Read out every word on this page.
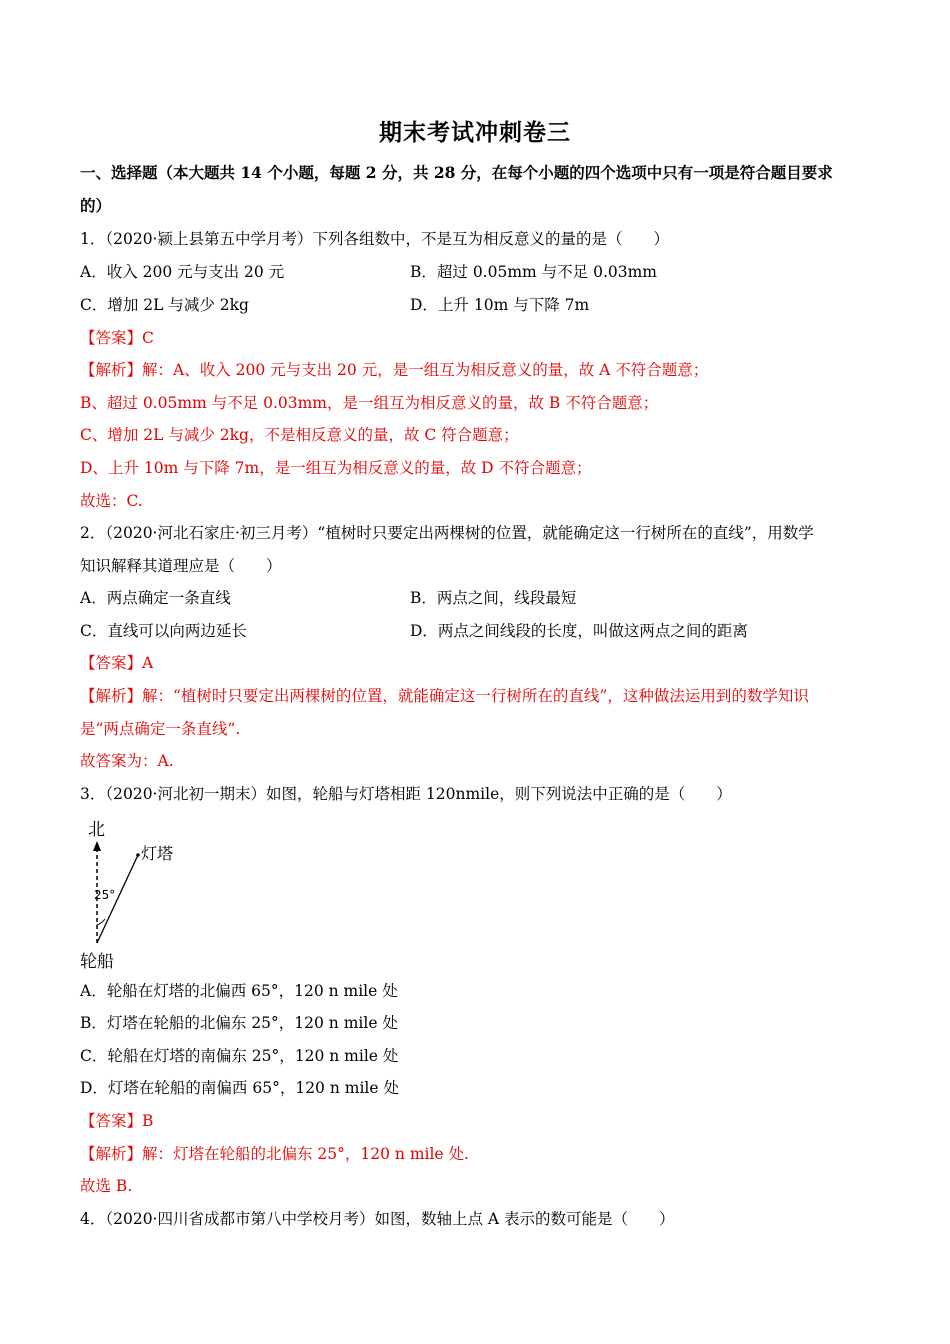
期末考试冲刺卷三
一、选择题（本大题共 14 个小题，每题 2 分，共 28 分，在每个小题的四个选项中只有一项是符合题目要求
的）
1．（2020·颍上县第五中学月考）下列各组数中，不是互为相反意义的量的是（　　）
A．收入 200 元与支出 20 元	B．超过 0.05mm 与不足 0.03mm
C．增加 2L 与减少 2kg	D．上升 10m 与下降 7m
【答案】C
【解析】解：A、收入 200 元与支出 20 元，是一组互为相反意义的量，故 A 不符合题意；
B、超过 0.05mm 与不足 0.03mm，是一组互为相反意义的量，故 B 不符合题意；
C、增加 2L 与减少 2kg，不是相反意义的量，故 C 符合题意；
D、上升 10m 与下降 7m，是一组互为相反意义的量，故 D 不符合题意；
故选：C.
2．（2020·河北石家庄·初三月考）“植树时只要定出两棵树的位置，就能确定这一行树所在的直线”，用数学
知识解释其道理应是（　　）
A．两点确定一条直线	B．两点之间，线段最短
C．直线可以向两边延长	D．两点之间线段的长度，叫做这两点之间的距离
【答案】A
【解析】解：“植树时只要定出两棵树的位置，就能确定这一行树所在的直线”，这种做法运用到的数学知识
是“两点确定一条直线”.
故答案为：A.
3．（2020·河北初一期末）如图，轮船与灯塔相距 120nmile，则下列说法中正确的是（　　）
北
灯塔
25°
轮船
A．轮船在灯塔的北偏西 65°，120 n mile 处
B．灯塔在轮船的北偏东 25°，120 n mile 处
C．轮船在灯塔的南偏东 25°，120 n mile 处
D．灯塔在轮船的南偏西 65°，120 n mile 处
【答案】B
【解析】解：灯塔在轮船的北偏东 25°，120 n mile 处.
故选 B.
4．（2020·四川省成都市第八中学校月考）如图，数轴上点 A 表示的数可能是（　　）
